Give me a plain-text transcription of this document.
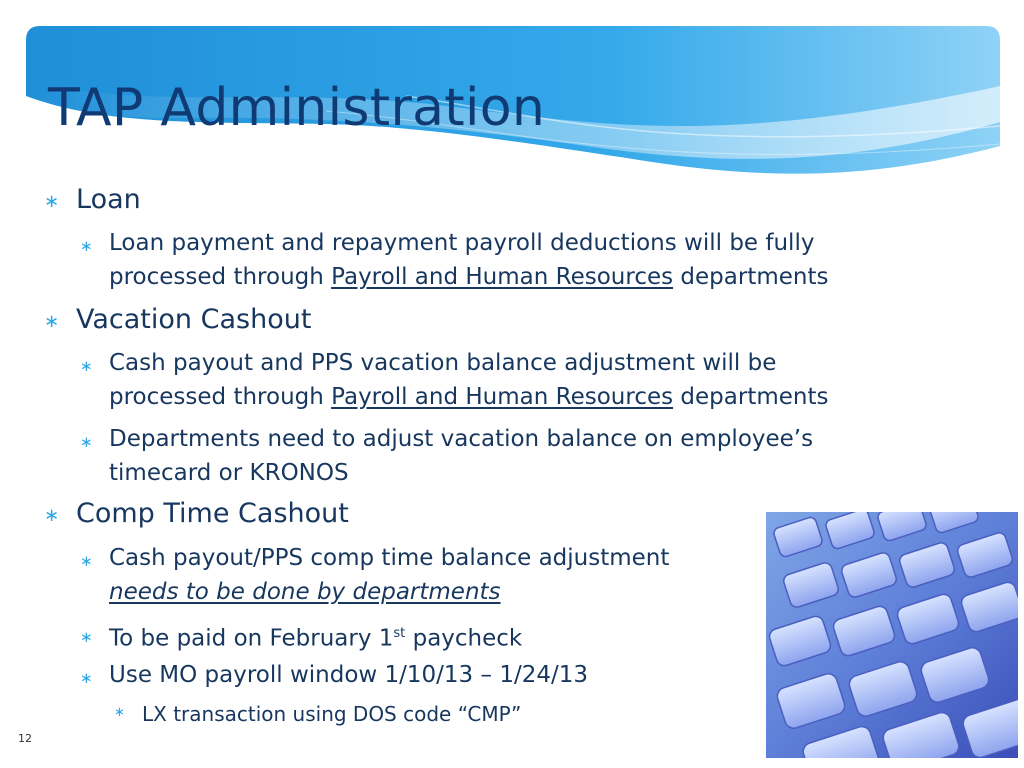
TAP Administration
∗ Loan
∗ Loan payment and repayment payroll deductions will be fully
processed through Payroll and Human Resources departments
∗ Vacation Cashout
∗ Cash payout and PPS vacation balance adjustment will be
processed through Payroll and Human Resources departments
∗ Departments need to adjust vacation balance on employee’s
timecard or KRONOS
∗ Comp Time Cashout
∗ Cash payout/PPS comp time balance adjustment
needs to be done by departments
∗ To be paid on February 1st paycheck
∗ Use MO payroll window 1/10/13 – 1/24/13
∗ LX transaction using DOS code “CMP”
12
